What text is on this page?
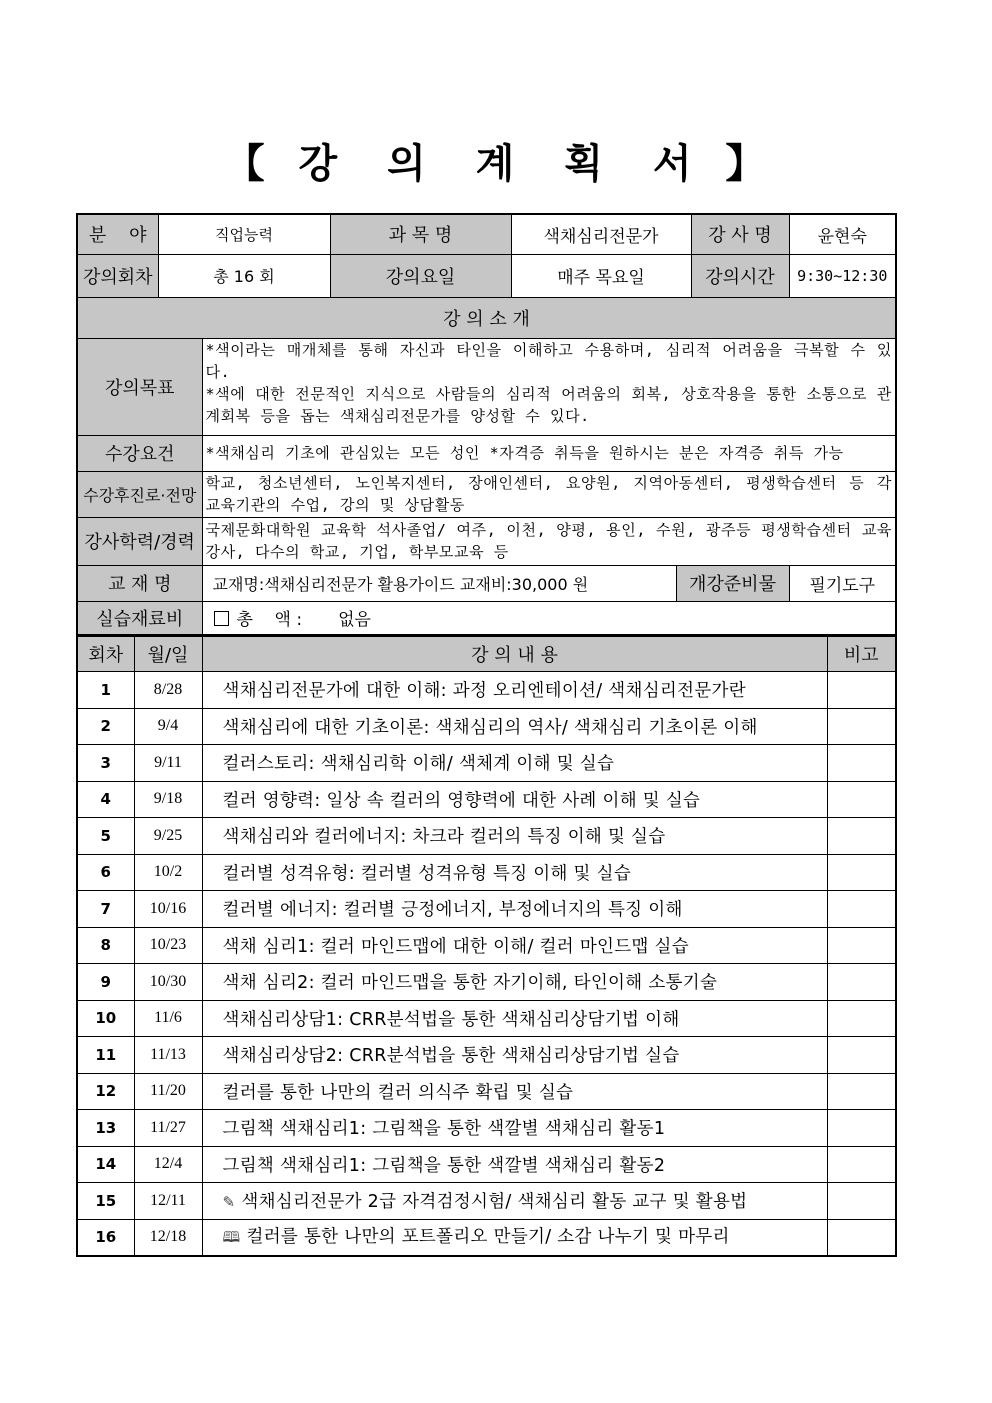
【 강 의 계 획 서 】
분    야	직업능력		과 목 명	색채심리전문가		강 사 명	윤현숙
강의회차	총 16 회		강의요일	매주 목요일		강의시간	9:30~12:30
강 의 소 개							
강의목표		*색이라는 매개체를 통해 자신과 타인을 이해하고 수용하며, 심리적 어려움을 극복할 수 있다.
*색에 대한 전문적인 지식으로 사람들의 심리적 어려움의 회복, 상호작용을 통한 소통으로 관계회복 등을 돕는 색채심리전문가를 양성할 수 있다.					
수강요건		*색채심리 기초에 관심있는 모든 성인 *자격증 취득을 원하시는 분은 자격증 취득 가능					
수강후진로·전망		학교, 청소년센터, 노인복지센터, 장애인센터, 요양원, 지역아동센터, 평생학습센터 등 각 교육기관의 수업, 강의 및 상담활동					
강사학력/경력		국제문화대학원 교육학 석사졸업/ 여주, 이천, 양평, 용인, 수원, 광주등 평생학습센터 교육강사, 다수의 학교, 기업, 학부모교육 등					
교 재 명		교재명:색채심리전문가 활용가이드 교재비:30,000 원			개강준비물		필기도구
실습재료비		총    액 : 없음					
회차	월/일	강 의 내 용	비고
1	8/28	색채심리전문가에 대한 이해: 과정 오리엔테이션/ 색채심리전문가란	
2	9/4	색채심리에 대한 기초이론: 색채심리의 역사/ 색채심리 기초이론 이해	
3	9/11	컬러스토리: 색채심리학 이해/ 색체계 이해 및 실습	
4	9/18	컬러 영향력: 일상 속 컬러의 영향력에 대한 사례 이해 및 실습	
5	9/25	색채심리와 컬러에너지: 차크라 컬러의 특징 이해 및 실습	
6	10/2	컬러별 성격유형: 컬러별 성격유형 특징 이해 및 실습	
7	10/16	컬러별 에너지: 컬러별 긍정에너지, 부정에너지의 특징 이해	
8	10/23	색채 심리1: 컬러 마인드맵에 대한 이해/ 컬러 마인드맵 실습	
9	10/30	색채 심리2: 컬러 마인드맵을 통한 자기이해, 타인이해 소통기술	
10	11/6	색채심리상담1: CRR분석법을 통한 색채심리상담기법 이해	
11	11/13	색채심리상담2: CRR분석법을 통한 색채심리상담기법 실습	
12	11/20	컬러를 통한 나만의 컬러 의식주 확립 및 실습	
13	11/27	그림책 색채심리1: 그림책을 통한 색깔별 색채심리 활동1	
14	12/4	그림책 색채심리1: 그림책을 통한 색깔별 색채심리 활동2	
15	12/11	✎ 색채심리전문가 2급 자격검정시험/ 색채심리 활동 교구 및 활용법	
16	12/18	🕮 컬러를 통한 나만의 포트폴리오 만들기/ 소감 나누기 및 마무리	
